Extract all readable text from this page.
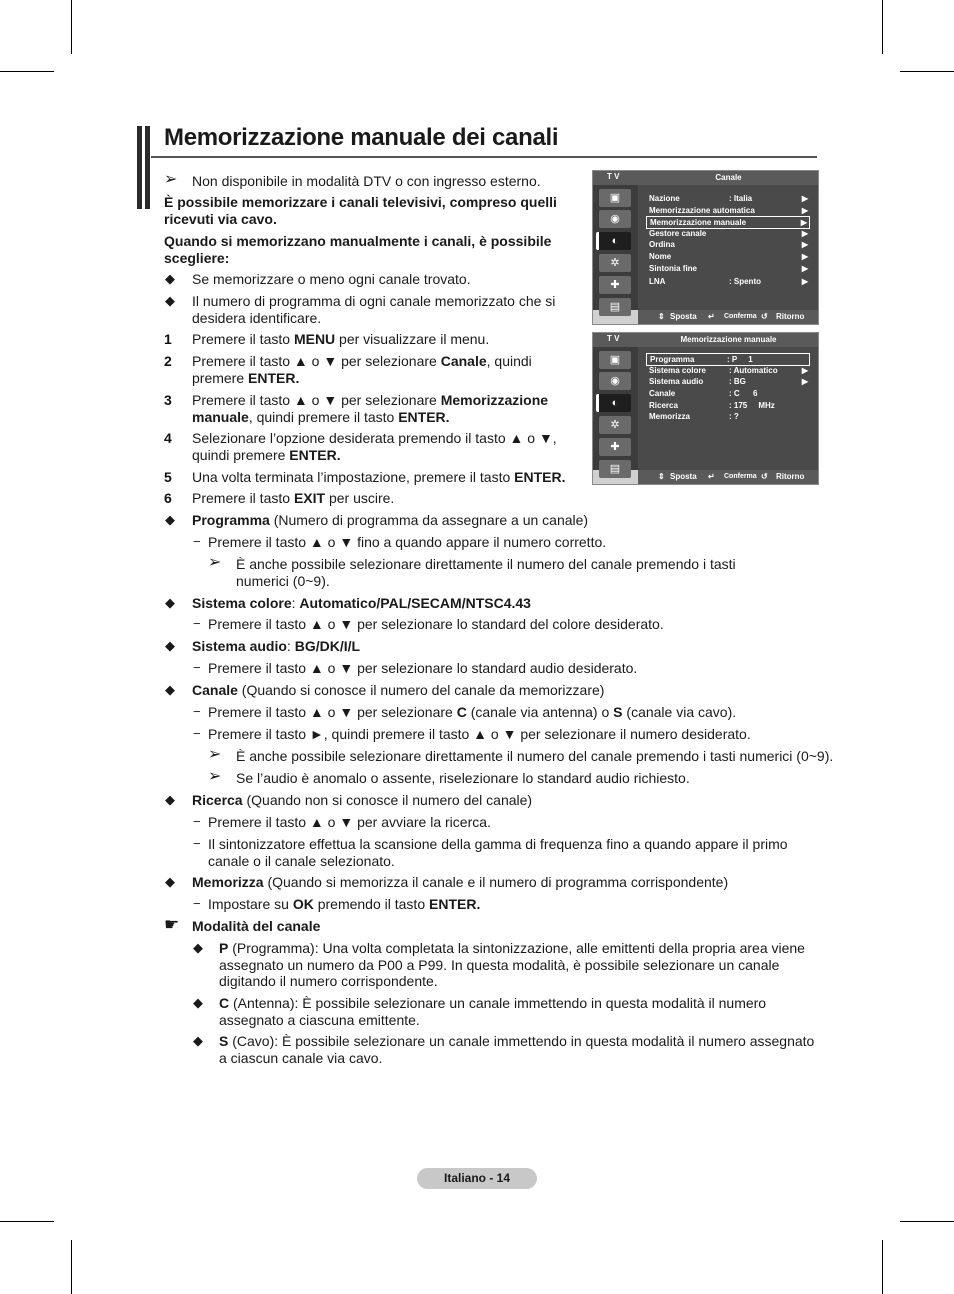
Memorizzazione manuale dei canali
➢ Non disponibile in modalità DTV o con ingresso esterno.
È possibile memorizzare i canali televisivi, compreso quelli ricevuti via cavo.
Quando si memorizzano manualmente i canali, è possibile scegliere:
◆ Se memorizzare o meno ogni canale trovato.
◆ Il numero di programma di ogni canale memorizzato che si desidera identificare.
1 Premere il tasto MENU per visualizzare il menu.
2 Premere il tasto ▲ o ▼ per selezionare Canale, quindi premere ENTER.
3 Premere il tasto ▲ o ▼ per selezionare Memorizzazione manuale, quindi premere il tasto ENTER.
4 Selezionare l’opzione desiderata premendo il tasto ▲ o ▼, quindi premere ENTER.
5 Una volta terminata l’impostazione, premere il tasto ENTER.
6 Premere il tasto EXIT per uscire.
◆ Programma (Numero di programma da assegnare a un canale)
− Premere il tasto ▲ o ▼ fino a quando appare il numero corretto.
➢ È anche possibile selezionare direttamente il numero del canale premendo i tasti numerici (0~9).
◆ Sistema colore: Automatico/PAL/SECAM/NTSC4.43
− Premere il tasto ▲ o ▼ per selezionare lo standard del colore desiderato.
◆ Sistema audio: BG/DK/I/L
− Premere il tasto ▲ o ▼ per selezionare lo standard audio desiderato.
◆ Canale (Quando si conosce il numero del canale da memorizzare)
− Premere il tasto ▲ o ▼ per selezionare C (canale via antenna) o S (canale via cavo).
− Premere il tasto ►, quindi premere il tasto ▲ o ▼ per selezionare il numero desiderato.
➢ È anche possibile selezionare direttamente il numero del canale premendo i tasti numerici (0~9).
➢ Se l’audio è anomalo o assente, riselezionare lo standard audio richiesto.
◆ Ricerca (Quando non si conosce il numero del canale)
− Premere il tasto ▲ o ▼ per avviare la ricerca.
− Il sintonizzatore effettua la scansione della gamma di frequenza fino a quando appare il primo canale o il canale selezionato.
◆ Memorizza (Quando si memorizza il canale e il numero di programma corrispondente)
− Impostare su OK premendo il tasto ENTER.
☛ Modalità del canale
◆ P (Programma): Una volta completata la sintonizzazione, alle emittenti della propria area viene assegnato un numero da P00 a P99. In questa modalità, è possibile selezionare un canale digitando il numero corrispondente.
◆ C (Antenna): È possibile selezionare un canale immettendo in questa modalità il numero assegnato a ciascuna emittente.
◆ S (Cavo): È possibile selezionare un canale immettendo in questa modalità il numero assegnato a ciascun canale via cavo.
T V	Canale
▣
◉
◐
✲
✚
▤
Nazione	: Italia	▶
Memorizzazione automatica	▶
Memorizzazione manuale	▶
Gestore canale	▶
Ordina	▶
Nome	▶
Sintonia fine	▶
LNA	: Spento	▶
⇕ Sposta ↵ Conferma ↺ Ritorno
T V	Memorizzazione manuale
▣
◉
◐
✲
✚
▤
Programma	: P     1
Sistema colore	: Automatico	▶
Sistema audio	: BG	▶
Canale	: C      6
Ricerca	: 175     MHz
Memorizza	: ?
⇕ Sposta ↵ Conferma ↺ Ritorno
Italiano - 14
